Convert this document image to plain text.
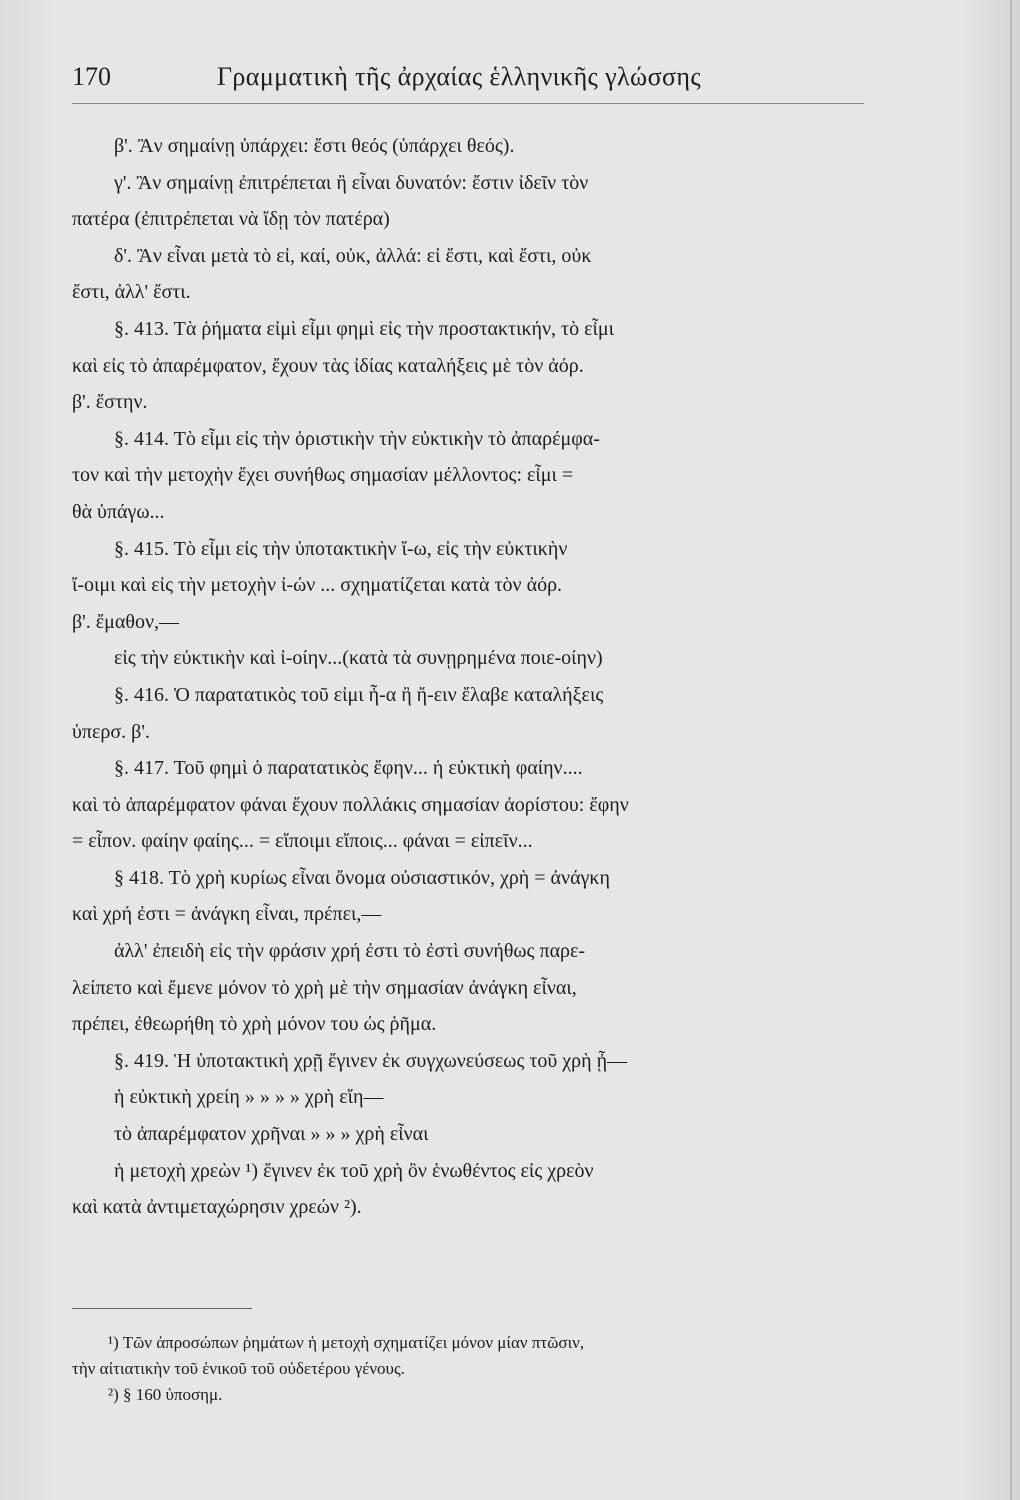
170	Γραμματικὴ τῆς ἀρχαίας ἑλληνικῆς γλώσσης
β'. Ἂν σημαίνῃ ὑπάρχει: ἔστι θεός (ὑπάρχει θεός).
γ'. Ἂν σημαίνῃ ἐπιτρέπεται ἢ εἶναι δυνατόν: ἔστιν ἰδεῖν τὸν
πατέρα (ἐπιτρέπεται νὰ ἴδῃ τὸν πατέρα)
δ'. Ἂν εἶναι μετὰ τὸ εἰ, καί, οὐκ, ἀλλά: εἰ ἔστι, καὶ ἔστι, οὐκ
ἔστι, ἀλλ' ἔστι.
§. 413. Τὰ ῥήματα εἰμὶ εἶμι φημὶ εἰς τὴν προστακτικήν, τὸ εἶμι
καὶ εἰς τὸ ἀπαρέμφατον, ἔχουν τὰς ἰδίας καταλήξεις μὲ τὸν ἀόρ.
β'. ἔστην.
§. 414. Τὸ εἶμι εἰς τὴν ὁριστικὴν τὴν εὐκτικὴν τὸ ἀπαρέμφα-
τον καὶ τὴν μετοχὴν ἔχει συνήθως σημασίαν μέλλοντος: εἶμι =
θὰ ὑπάγω...
§. 415. Τὸ εἶμι εἰς τὴν ὑποτακτικὴν ἴ-ω, εἰς τὴν εὐκτικὴν
ἴ-οιμι καὶ εἰς τὴν μετοχὴν ἰ-ών ... σχηματίζεται κατὰ τὸν ἀόρ.
β'. ἔμαθον,—
εἰς τὴν εὐκτικὴν καὶ ἰ-οίην...(κατὰ τὰ συνῃρημένα ποιε-οίην)
§. 416. Ὁ παρατατικὸς τοῦ εἰμι ἦ-α ἢ ἤ-ειν ἔλαβε καταλήξεις
ὑπερσ. β'.
§. 417. Τοῦ φημὶ ὁ παρατατικὸς ἔφην... ἡ εὐκτικὴ φαίην....
καὶ τὸ ἀπαρέμφατον φάναι ἔχουν πολλάκις σημασίαν ἀορίστου: ἔφην
= εἶπον. φαίην φαίης... = εἴποιμι εἴποις... φάναι = εἰπεῖν...
§ 418. Τὸ χρὴ κυρίως εἶναι ὄνομα οὐσιαστικόν, χρὴ = ἀνάγκη
καὶ χρή ἐστι = ἀνάγκη εἶναι, πρέπει,—
ἀλλ' ἐπειδὴ εἰς τὴν φράσιν χρή ἐστι τὸ ἐστὶ συνήθως παρε-
λείπετο καὶ ἔμενε μόνον τὸ χρὴ μὲ τὴν σημασίαν ἀνάγκη εἶναι,
πρέπει, ἐθεωρήθη τὸ χρὴ μόνον του ὡς ῥῆμα.
§. 419. Ἡ ὑποτακτικὴ χρῇ ἔγινεν ἐκ συγχωνεύσεως τοῦ χρὴ ᾖ—
ἡ εὐκτικὴ χρείη » » » » χρὴ εἴη—
τὸ ἀπαρέμφατον χρῆναι » » » χρὴ εἶναι
ἡ μετοχὴ χρεὼν ¹) ἔγινεν ἐκ τοῦ χρὴ ὂν ἑνωθέντος εἰς χρεὸν
καὶ κατὰ ἀντιμεταχώρησιν χρεών ²).
¹) Τῶν ἀπροσώπων ῥημάτων ἡ μετοχὴ σχηματίζει μόνον μίαν πτῶσιν,
τὴν αἰτιατικὴν τοῦ ἑνικοῦ τοῦ οὐδετέρου γένους.
²) § 160 ὑποσημ.
